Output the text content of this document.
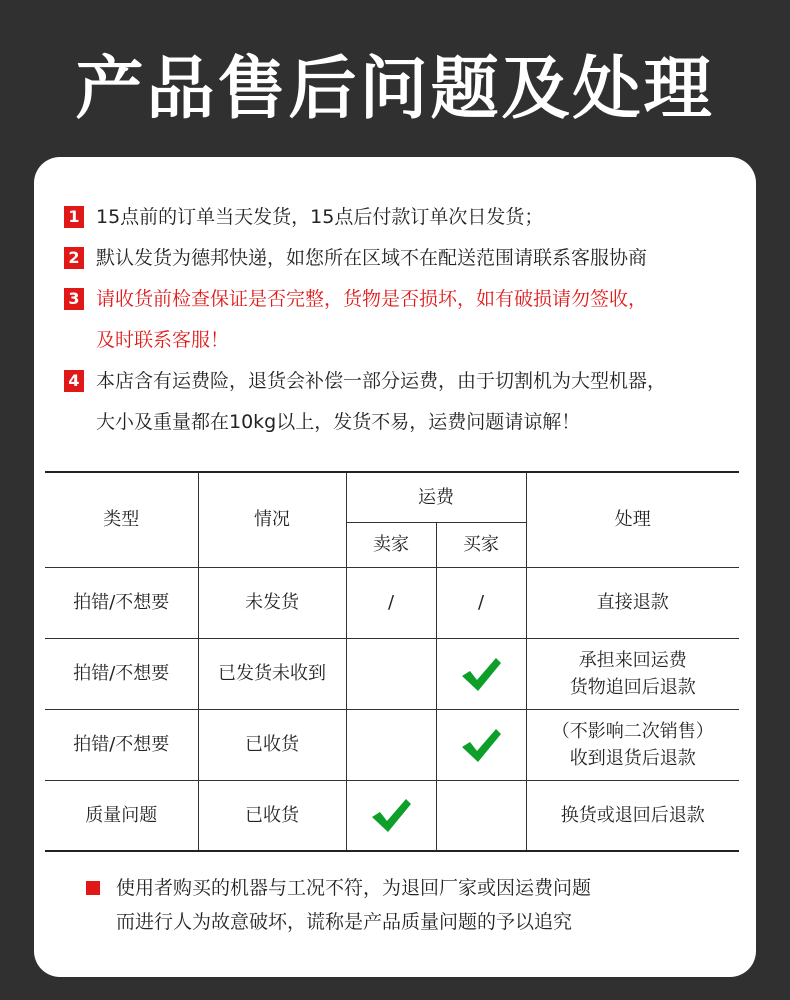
产品售后问题及处理
1 15点前的订单当天发货，15点后付款订单次日发货；
2 默认发货为德邦快递，如您所在区域不在配送范围请联系客服协商
3 请收货前检查保证是否完整，货物是否损坏，如有破损请勿签收，
及时联系客服！
4 本店含有运费险，退货会补偿一部分运费，由于切割机为大型机器，
大小及重量都在10kg以上，发货不易，运费问题请谅解！
类型	情况	运费		处理
		卖家	买家	
拍错/不想要	未发货	/	/	直接退款

拍错/不想要	已发货未收到			承担来回运费
货物追回后退款

拍错/不想要	已收货			（不影响二次销售）
收到退货后退款

质量问题	已收货			换货或退回后退款
使用者购买的机器与工况不符，为退回厂家或因运费问题
而进行人为故意破坏，谎称是产品质量问题的予以追究
